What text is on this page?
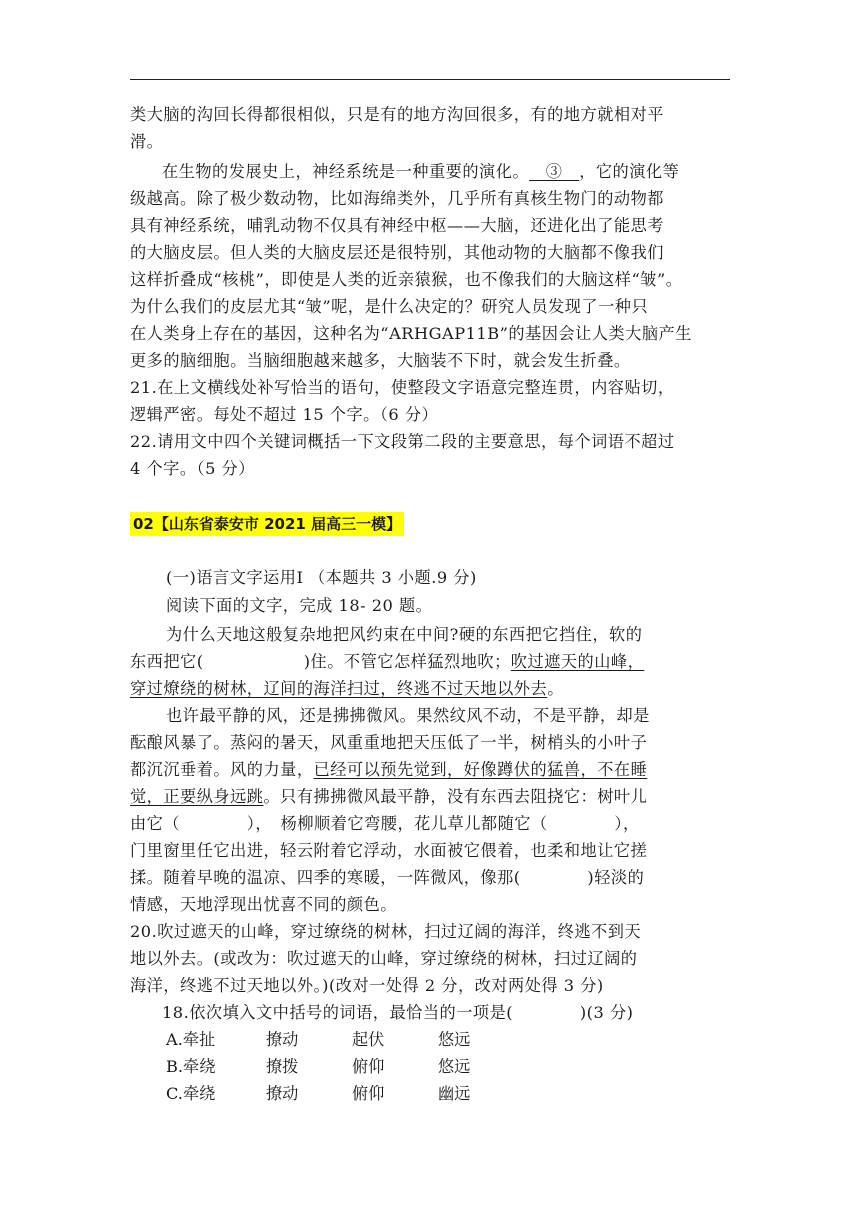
类大脑的沟回长得都很相似，只是有的地方沟回很多，有的地方就相对平
滑。
在生物的发展史上，神经系统是一种重要的演化。　③　，它的演化等
级越高。除了极少数动物，比如海绵类外，几乎所有真核生物门的动物都
具有神经系统，哺乳动物不仅具有神经中枢——大脑，还进化出了能思考
的大脑皮层。但人类的大脑皮层还是很特别，其他动物的大脑都不像我们
这样折叠成“核桃”，即使是人类的近亲猿猴，也不像我们的大脑这样“皱”。
为什么我们的皮层尤其“皱”呢，是什么决定的？研究人员发现了一种只
在人类身上存在的基因，这种名为“ARHGAP11B”的基因会让人类大脑产生
更多的脑细胞。当脑细胞越来越多，大脑装不下时，就会发生折叠。
21.在上文横线处补写恰当的语句，使整段文字语意完整连贯，内容贴切，
逻辑严密。每处不超过 15 个字。（6 分）
22.请用文中四个关键词概括一下文段第二段的主要意思，每个词语不超过
4 个字。（5 分）
02【山东省泰安市 2021 届高三一模】
(一)语言文字运用Ⅰ （本题共 3 小题.9 分)
阅读下面的文字，完成 18- 20 题。
为什么天地这般复杂地把风约束在中间?硬的东西把它挡住，软的
东西把它(　　　　　　)住。不管它怎样猛烈地吹；吹过遮天的山峰，
穿过燎绕的树林，辽间的海洋扫过，终逃不过天地以外去。
也许最平静的风，还是拂拂微风。果然纹风不动，不是平静，却是
酝酿风暴了。蒸闷的暑天，风重重地把天压低了一半，树梢头的小叶子
都沉沉垂着。风的力量，已经可以预先觉到，好像蹲伏的猛兽，不在睡
觉，正要纵身远跳。只有拂拂微风最平静，没有东西去阻挠它：树叶儿
由它（　　　　），　杨柳顺着它弯腰，花儿草儿都随它（　　　　），
门里窗里任它出进，轻云附着它浮动，水面被它偎着，也柔和地让它搓
揉。随着早晚的温凉、四季的寒暖，一阵微风，像那(　　　　)轻淡的
情感，天地浮现出忧喜不同的颜色。
20.吹过遮天的山峰，穿过缭绕的树林，扫过辽阔的海洋，终逃不到天
地以外去。(或改为：吹过遮天的山峰，穿过缭绕的树林，扫过辽阔的
海洋，终逃不过天地以外。)(改对一处得 2 分，改对两处得 3 分)
18.依次填入文中括号的词语，最恰当的一项是(　　　　)(3 分)
A.牵扯	撩动	起伏	悠远
B.牵绕	撩拨	俯仰	悠远
C.牵绕	撩动	俯仰	幽远
